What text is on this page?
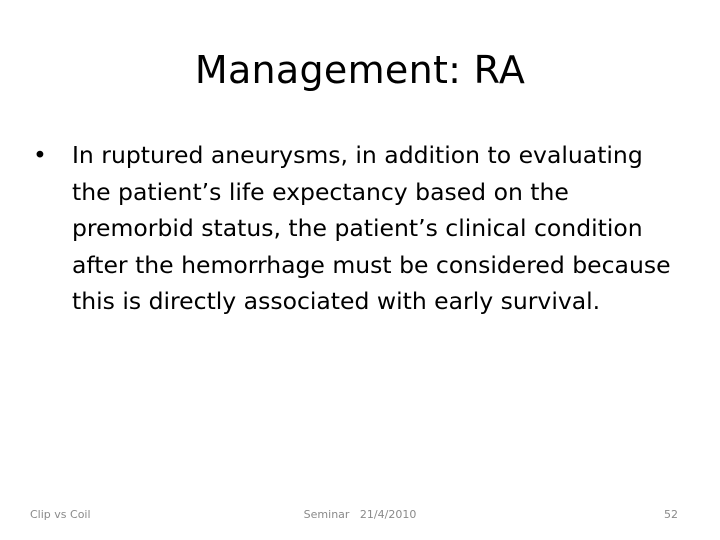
Management: RA
• In ruptured aneurysms, in addition to evaluating the patient’s life expectancy based on the premorbid status, the patient’s clinical condition after the hemorrhage must be considered because this is directly associated with early survival.
Clip vs Coil	Seminar   21/4/2010	52
